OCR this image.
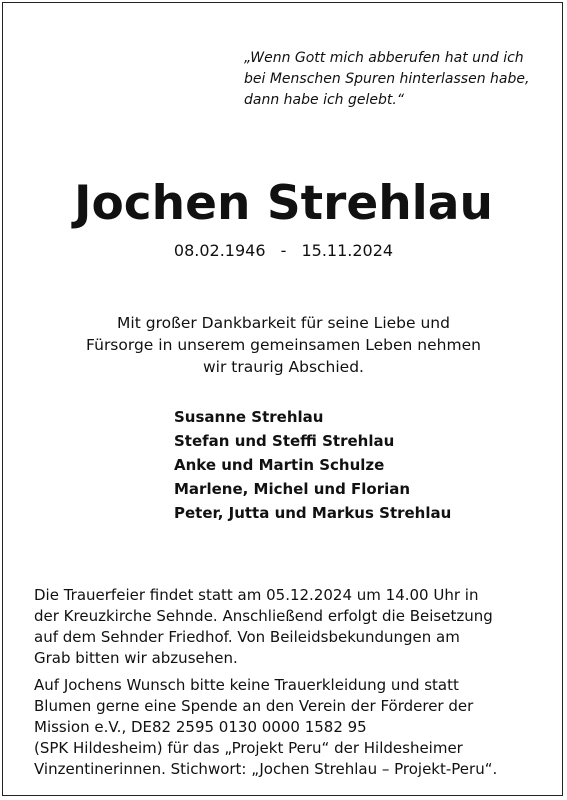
„Wenn Gott mich abberufen hat und ich
bei Menschen Spuren hinterlassen habe,
dann habe ich gelebt.“
Jochen Strehlau
08.02.1946 - 15.11.2024
Mit großer Dankbarkeit für seine Liebe und
Fürsorge in unserem gemeinsamen Leben nehmen
wir traurig Abschied.
Susanne Strehlau
Stefan und Steffi Strehlau
Anke und Martin Schulze
Marlene, Michel und Florian
Peter, Jutta und Markus Strehlau
Die Trauerfeier findet statt am 05.12.2024 um 14.00 Uhr in
der Kreuzkirche Sehnde. Anschließend erfolgt die Beisetzung
auf dem Sehnder Friedhof. Von Beileidsbekundungen am
Grab bitten wir abzusehen.
Auf Jochens Wunsch bitte keine Trauerkleidung und statt
Blumen gerne eine Spende an den Verein der Förderer der
Mission e.V., DE82 2595 0130 0000 1582 95
(SPK Hildesheim) für das „Projekt Peru“ der Hildesheimer
Vinzentinerinnen. Stichwort: „Jochen Strehlau – Projekt-Peru“.
